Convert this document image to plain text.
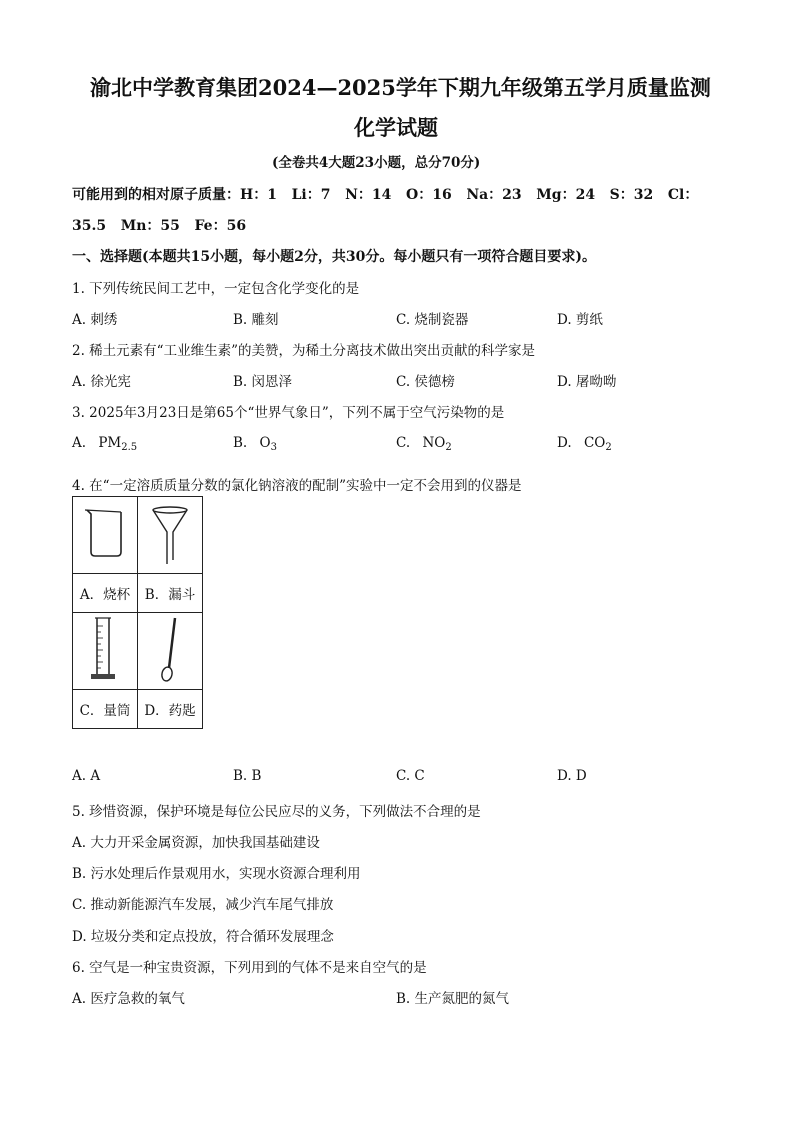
渝北中学教育集团2024—2025学年下期九年级第五学月质量监测
化学试题
(全卷共4大题23小题，总分70分)
可能用到的相对原子质量：H：1   Li：7   N：14   O：16   Na：23   Mg：24   S：32   Cl：
35.5   Mn：55   Fe：56
一、选择题(本题共15小题，每小题2分，共30分。每小题只有一项符合题目要求)。
1. 下列传统民间工艺中，一定包含化学变化的是
A. 刺绣	B. 雕刻	C. 烧制瓷器	D. 剪纸
2. 稀土元素有“工业维生素”的美赞，为稀土分离技术做出突出贡献的科学家是
A. 徐光宪	B. 闵恩泽	C. 侯德榜	D. 屠呦呦
3. 2025年3月23日是第65个“世界气象日”，下列不属于空气污染物的是
A. $PM_{2.5}$	B. $O_3$	C. $NO_2$	D. $CO_2$
4. 在“一定溶质质量分数的氯化钠溶液的配制”实验中一定不会用到的仪器是

A．烧杯	B．漏斗

C．量筒	D．药匙
A. A	B. B	C. C	D. D
5. 珍惜资源，保护环境是每位公民应尽的义务，下列做法不合理的是
A. 大力开采金属资源，加快我国基础建设
B. 污水处理后作景观用水，实现水资源合理利用
C. 推动新能源汽车发展，减少汽车尾气排放
D. 垃圾分类和定点投放，符合循环发展理念
6. 空气是一种宝贵资源，下列用到的气体不是来自空气的是
A. 医疗急救的氧气	B. 生产氮肥的氮气
